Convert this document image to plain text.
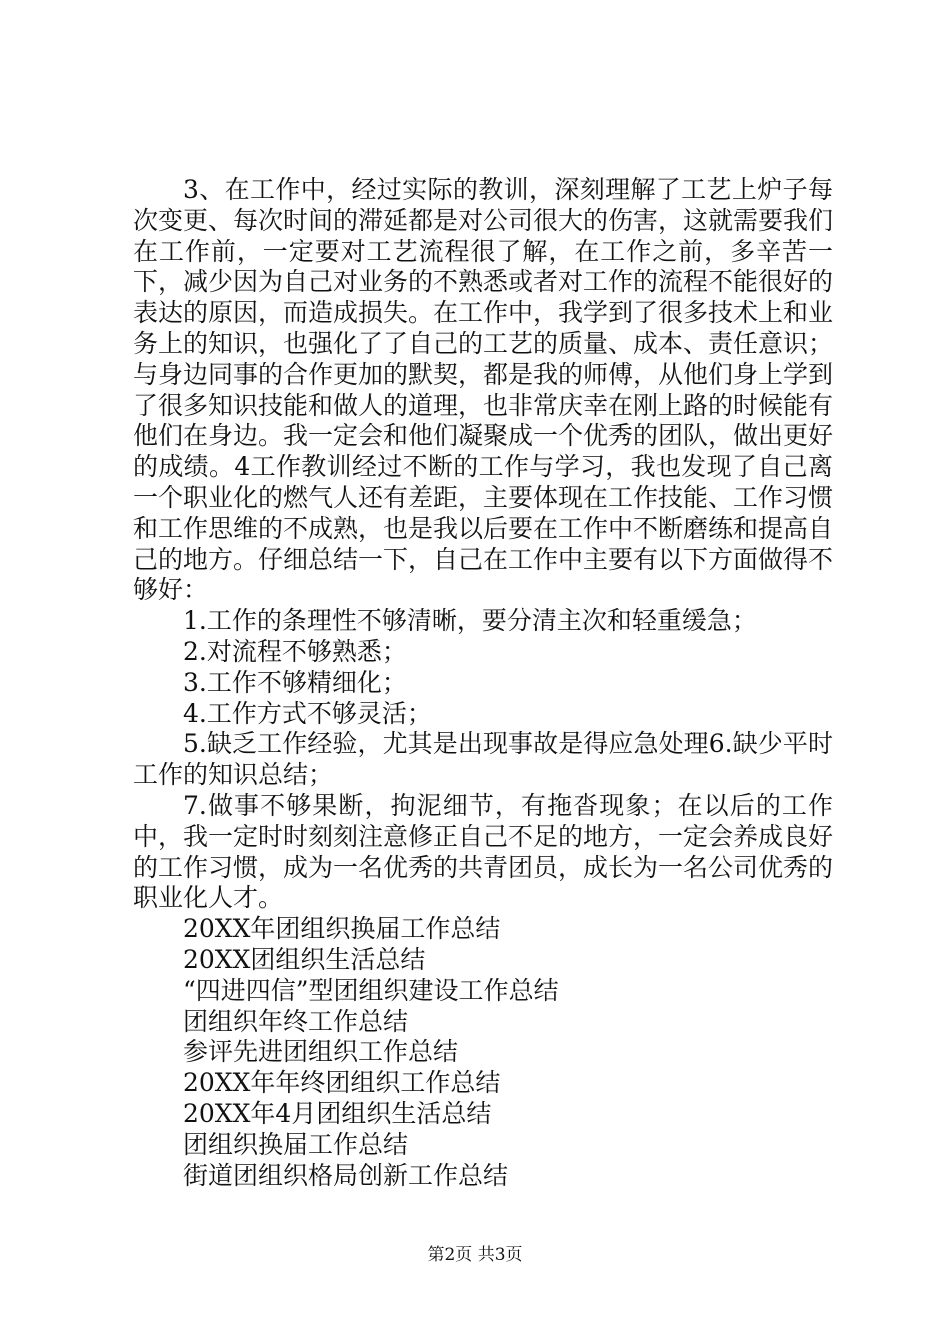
3、在工作中，经过实际的教训，深刻理解了工艺上炉子每次变更、每次时间的滞延都是对公司很大的伤害，这就需要我们在工作前，一定要对工艺流程很了解，在工作之前，多辛苦一下，减少因为自己对业务的不熟悉或者对工作的流程不能很好的表达的原因，而造成损失。在工作中，我学到了很多技术上和业务上的知识，也强化了了自己的工艺的质量、成本、责任意识；与身边同事的合作更加的默契，都是我的师傅，从他们身上学到了很多知识技能和做人的道理，也非常庆幸在刚上路的时候能有他们在身边。我一定会和他们凝聚成一个优秀的团队，做出更好的成绩。4工作教训经过不断的工作与学习，我也发现了自己离一个职业化的燃气人还有差距，主要体现在工作技能、工作习惯和工作思维的不成熟，也是我以后要在工作中不断磨练和提高自己的地方。仔细总结一下，自己在工作中主要有以下方面做得不够好：

1.工作的条理性不够清晰，要分清主次和轻重缓急；

2.对流程不够熟悉；

3.工作不够精细化；

4.工作方式不够灵活；

5.缺乏工作经验，尤其是出现事故是得应急处理6.缺少平时工作的知识总结；

7.做事不够果断，拘泥细节，有拖沓现象；在以后的工作中，我一定时时刻刻注意修正自己不足的地方，一定会养成良好的工作习惯，成为一名优秀的共青团员，成长为一名公司优秀的职业化人才。

20XX年团组织换届工作总结
20XX团组织生活总结
“四进四信”型团组织建设工作总结
团组织年终工作总结
参评先进团组织工作总结
20XX年年终团组织工作总结
20XX年4月团组织生活总结
团组织换届工作总结
街道团组织格局创新工作总结
第2页 共3页
